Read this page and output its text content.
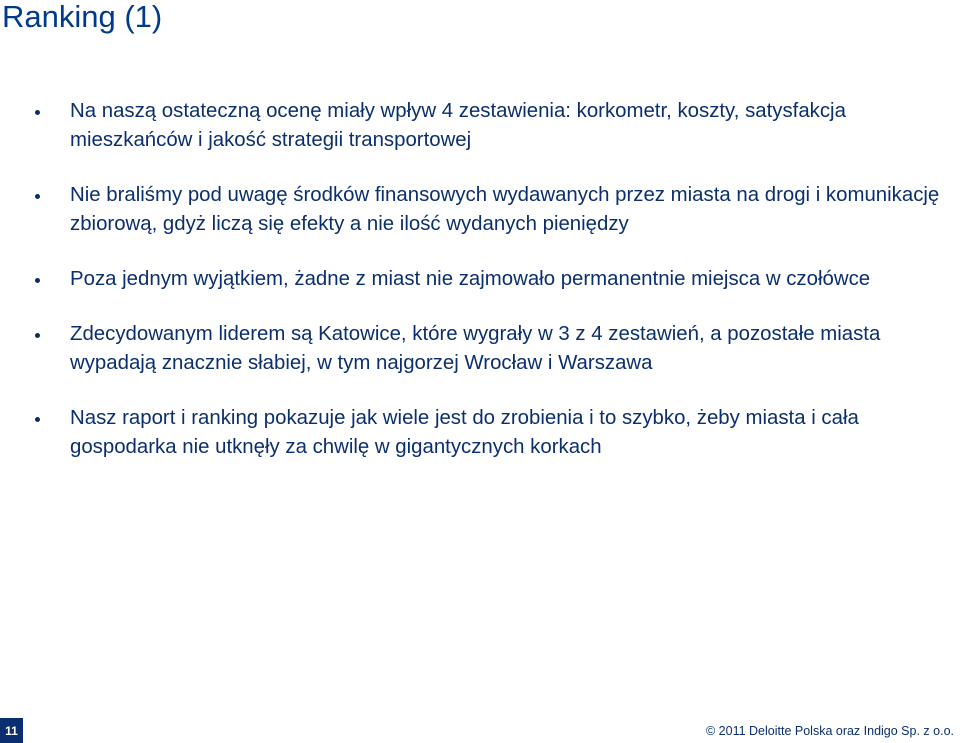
Ranking (1)
Na naszą ostateczną ocenę miały wpływ 4 zestawienia: korkometr, koszty, satysfakcja mieszkańców i jakość strategii transportowej
Nie braliśmy pod uwagę środków finansowych wydawanych przez miasta na drogi i komunikację zbiorową, gdyż liczą się efekty a nie ilość wydanych pieniędzy
Poza jednym wyjątkiem, żadne z miast nie zajmowało permanentnie miejsca w czołówce
Zdecydowanym liderem są Katowice, które wygrały w 3 z 4 zestawień, a pozostałe miasta wypadają znacznie słabiej, w tym najgorzej Wrocław i Warszawa
Nasz raport i ranking pokazuje jak wiele jest do zrobienia i to szybko, żeby miasta i cała gospodarka nie utknęły za chwilę w gigantycznych korkach
11	© 2011 Deloitte Polska oraz Indigo Sp. z o.o.
